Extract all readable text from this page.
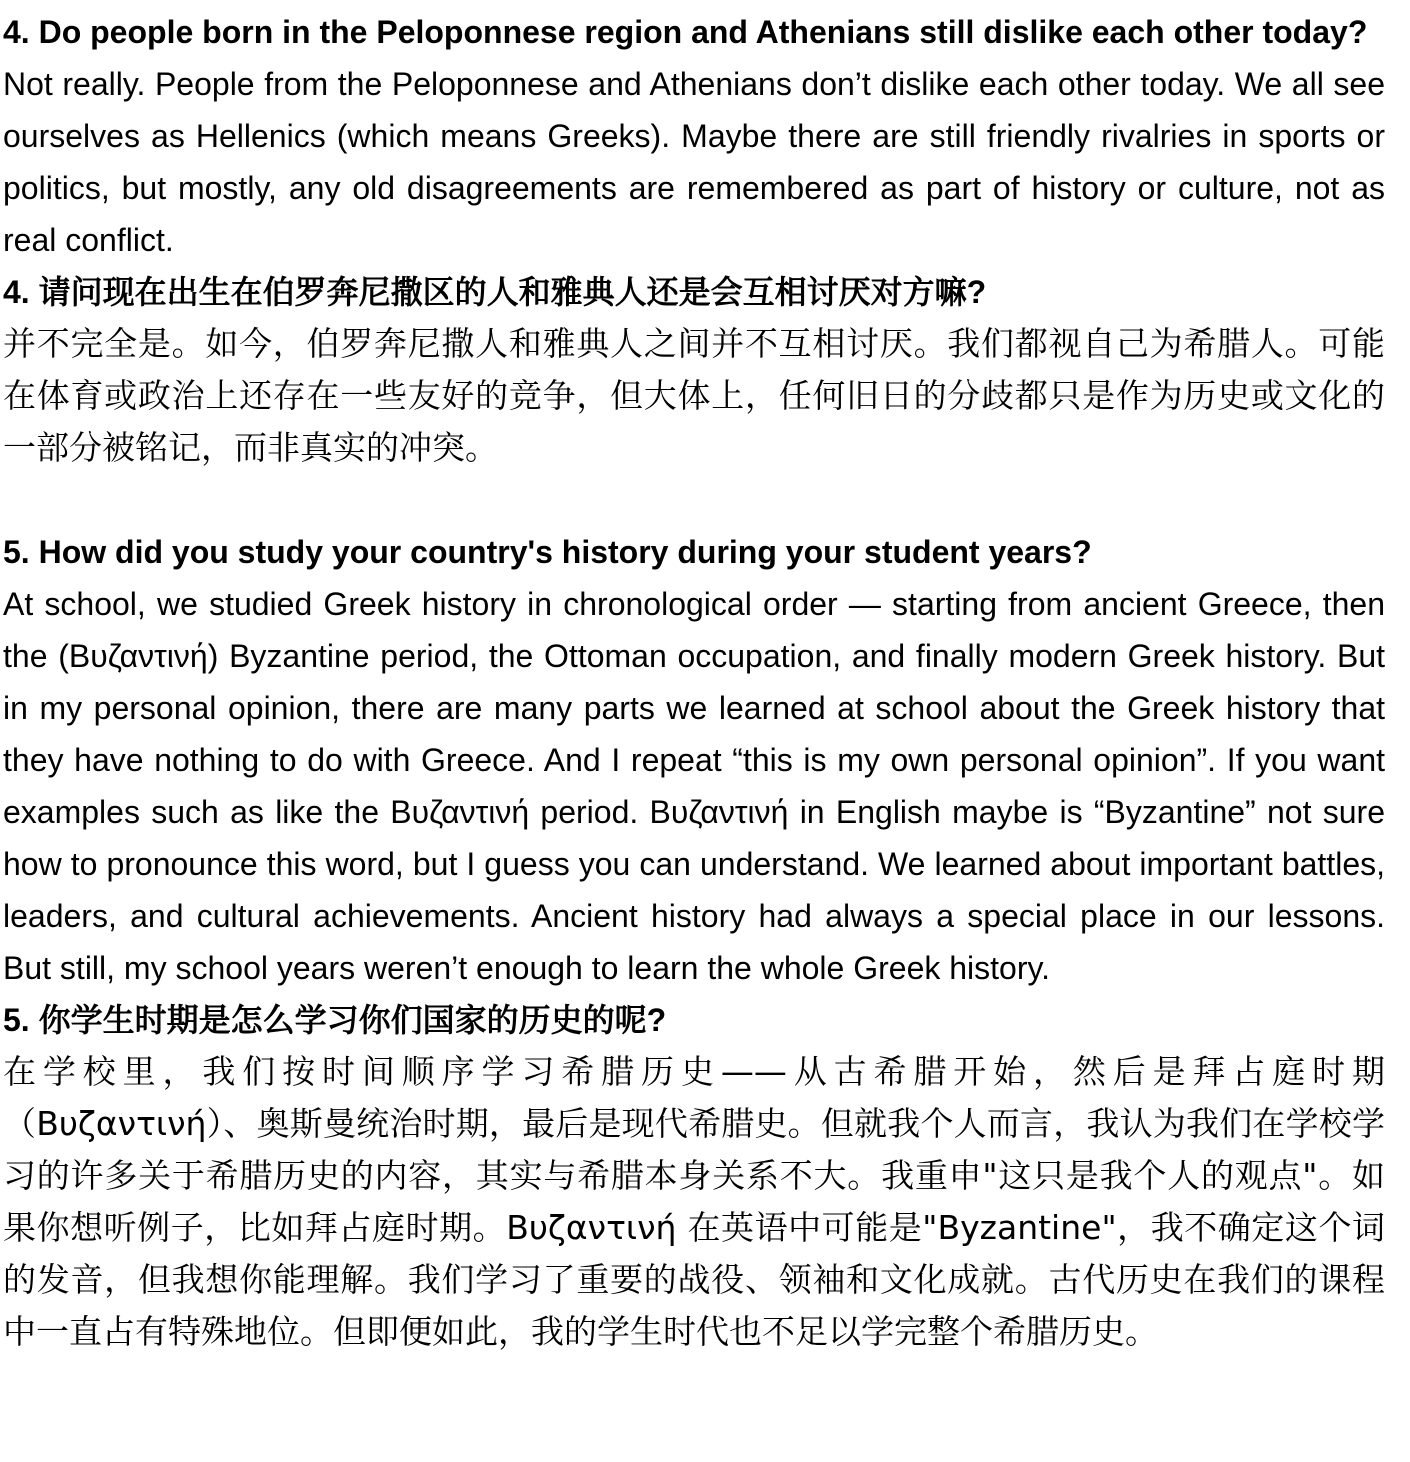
4. Do people born in the Peloponnese region and Athenians still dislike each other today?

Not really. People from the Peloponnese and Athenians don’t dislike each other today. We all see ourselves as Hellenics (which means Greeks). Maybe there are still friendly rivalries in sports or politics, but mostly, any old disagreements are remembered as part of history or culture, not as real conflict.

4. 请问现在出生在伯罗奔尼撒区的人和雅典人还是会互相讨厌对方嘛?

并不完全是。如今，伯罗奔尼撒人和雅典人之间并不互相讨厌。我们都视自己为希腊人。可能在体育或政治上还存在一些友好的竞争，但大体上，任何旧日的分歧都只是作为历史或文化的一部分被铭记，而非真实的冲突。

5. How did you study your country's history during your student years?

At school, we studied Greek history in chronological order — starting from ancient Greece, then the (Βυζαντινή) Byzantine period, the Ottoman occupation, and finally modern Greek history. But in my personal opinion, there are many parts we learned at school about the Greek history that they have nothing to do with Greece. And I repeat “this is my own personal opinion”. If you want examples such as like the Βυζαντινή period. Βυζαντινή in English maybe is “Byzantine” not sure how to pronounce this word, but I guess you can understand. We learned about important battles, leaders, and cultural achievements. Ancient history had always a special place in our lessons. But still, my school years weren’t enough to learn the whole Greek history.

5. 你学生时期是怎么学习你们国家的历史的呢?

在学校里，我们按时间顺序学习希腊历史——从古希腊开始，然后是拜占庭时期（Βυζαντινή）、奥斯曼统治时期，最后是现代希腊史。但就我个人而言，我认为我们在学校学习的许多关于希腊历史的内容，其实与希腊本身关系不大。我重申"这只是我个人的观点"。如果你想听例子，比如拜占庭时期。Βυζαντινή 在英语中可能是"Byzantine"，我不确定这个词的发音，但我想你能理解。我们学习了重要的战役、领袖和文化成就。古代历史在我们的课程中一直占有特殊地位。但即便如此，我的学生时代也不足以学完整个希腊历史。
